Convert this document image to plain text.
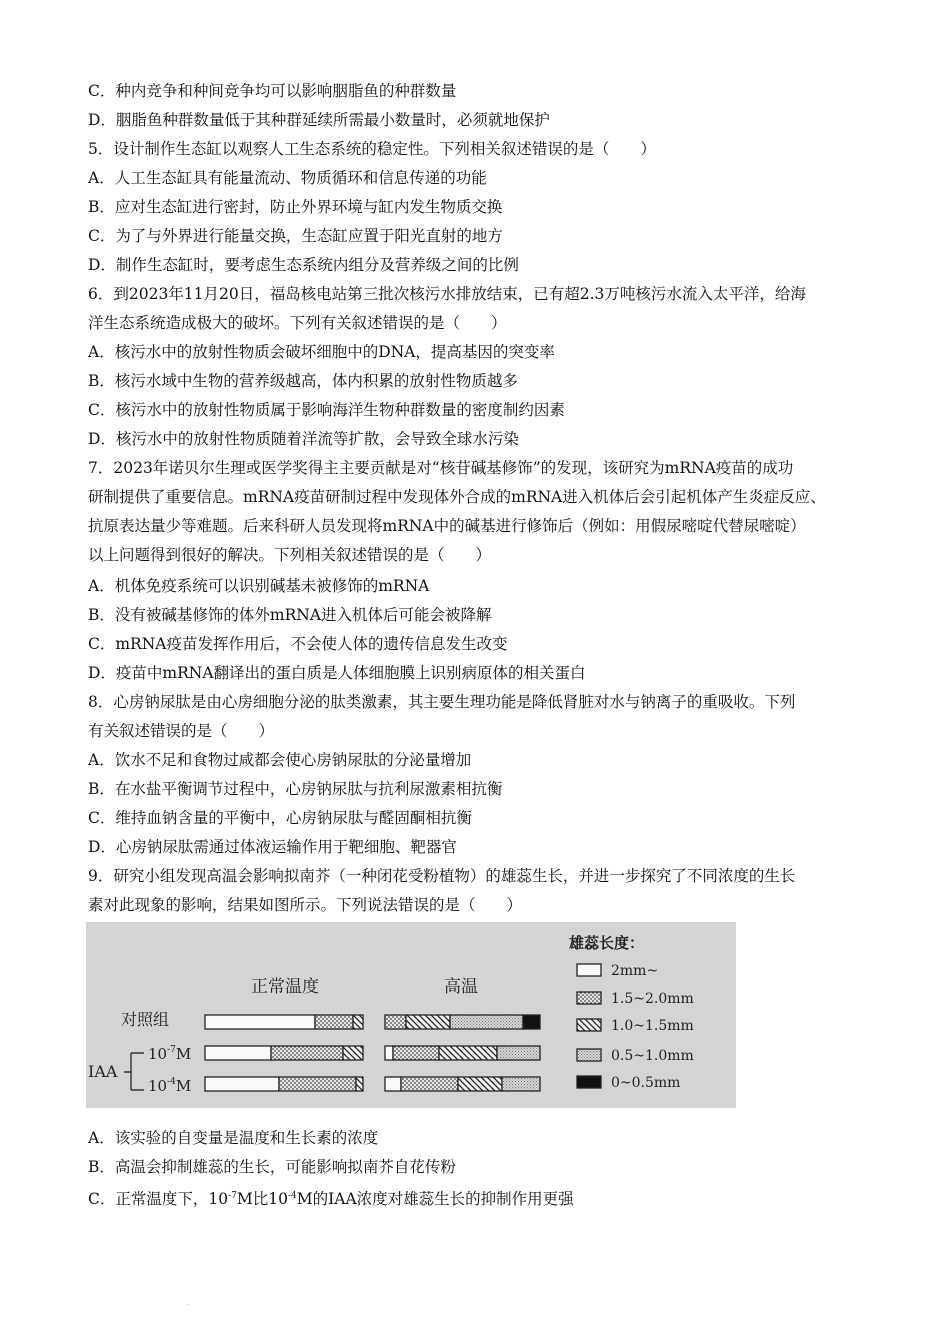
C．种内竞争和种间竞争均可以影响胭脂鱼的种群数量
D．胭脂鱼种群数量低于其种群延续所需最小数量时，必须就地保护
5．设计制作生态缸以观察人工生态系统的稳定性。下列相关叙述错误的是（　　）
A．人工生态缸具有能量流动、物质循环和信息传递的功能
B．应对生态缸进行密封，防止外界环境与缸内发生物质交换
C．为了与外界进行能量交换，生态缸应置于阳光直射的地方
D．制作生态缸时，要考虑生态系统内组分及营养级之间的比例
6．到2023年11月20日，福岛核电站第三批次核污水排放结束，已有超2.3万吨核污水流入太平洋，给海
洋生态系统造成极大的破坏。下列有关叙述错误的是（　　）
A．核污水中的放射性物质会破坏细胞中的DNA，提高基因的突变率
B．核污水域中生物的营养级越高，体内积累的放射性物质越多
C．核污水中的放射性物质属于影响海洋生物种群数量的密度制约因素
D．核污水中的放射性物质随着洋流等扩散，会导致全球水污染
7．2023年诺贝尔生理或医学奖得主主要贡献是对“核苷碱基修饰”的发现，该研究为mRNA疫苗的成功
研制提供了重要信息。mRNA疫苗研制过程中发现体外合成的mRNA进入机体后会引起机体产生炎症反应、
抗原表达量少等难题。后来科研人员发现将mRNA中的碱基进行修饰后（例如：用假尿嘧啶代替尿嘧啶）
以上问题得到很好的解决。下列相关叙述错误的是（　　）
A．机体免疫系统可以识别碱基未被修饰的mRNA
B．没有被碱基修饰的体外mRNA进入机体后可能会被降解
C．mRNA疫苗发挥作用后，不会使人体的遗传信息发生改变
D．疫苗中mRNA翻译出的蛋白质是人体细胞膜上识别病原体的相关蛋白
8．心房钠尿肽是由心房细胞分泌的肽类激素，其主要生理功能是降低肾脏对水与钠离子的重吸收。下列
有关叙述错误的是（　　）
A．饮水不足和食物过咸都会使心房钠尿肽的分泌量增加
B．在水盐平衡调节过程中，心房钠尿肽与抗利尿激素相抗衡
C．维持血钠含量的平衡中，心房钠尿肽与醛固酮相抗衡
D．心房钠尿肽需通过体液运输作用于靶细胞、靶器官
9．研究小组发现高温会影响拟南芥（一种闭花受粉植物）的雄蕊生长，并进一步探究了不同浓度的生长
素对此现象的影响，结果如图所示。下列说法错误的是（　　）
正常温度	高温
对照组
IAA
$10^{-7}M$
$10^{-4}M$
雄蕊长度：
2mm~
1.5~2.0mm
1.0~1.5mm
0.5~1.0mm
0~0.5mm
A．该实验的自变量是温度和生长素的浓度
B．高温会抑制雄蕊的生长，可能影响拟南芥自花传粉
C．正常温度下，$10^{-7}M$比$10^{-4}M$的IAA浓度对雄蕊生长的抑制作用更强
.
